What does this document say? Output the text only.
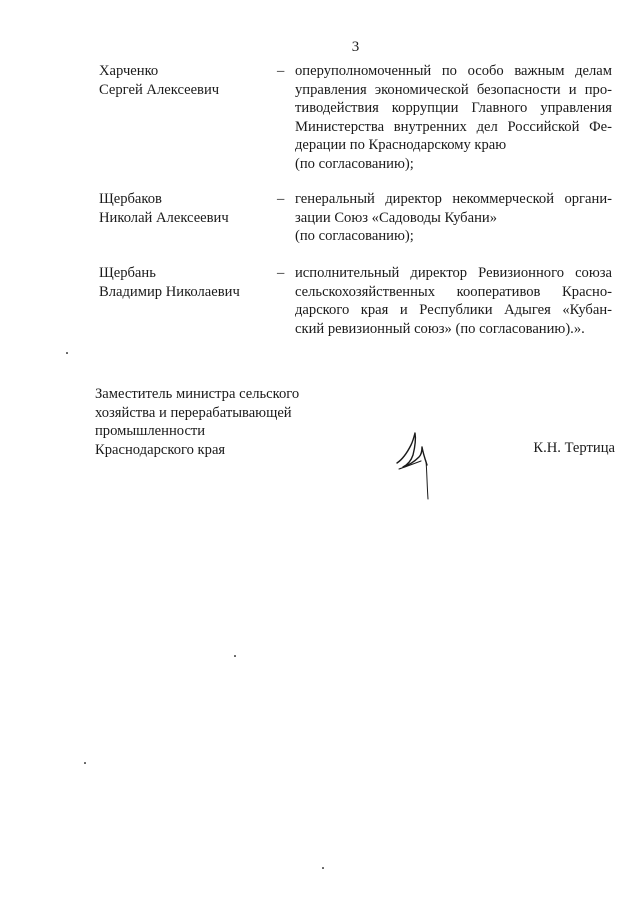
3
Харченко
Сергей Алексеевич
– оперуполномоченный по особо важным делам
управления экономической безопасности и про-
тиводействия коррупции Главного управления
Министерства внутренних дел Российской Фе-
дерации по Краснодарскому краю
(по согласованию);
Щербаков
Николай Алексеевич
– генеральный директор некоммерческой органи-
зации Союз «Садоводы Кубани»
(по согласованию);
Щербань
Владимир Николаевич
– исполнительный директор Ревизионного союза
сельскохозяйственных кооперативов Красно-
дарского края и Республики Адыгея «Кубан-
ский ревизионный союз» (по согласованию).».
Заместитель министра сельского
хозяйства и перерабатывающей
промышленности
Краснодарского края	К.Н. Тертица
